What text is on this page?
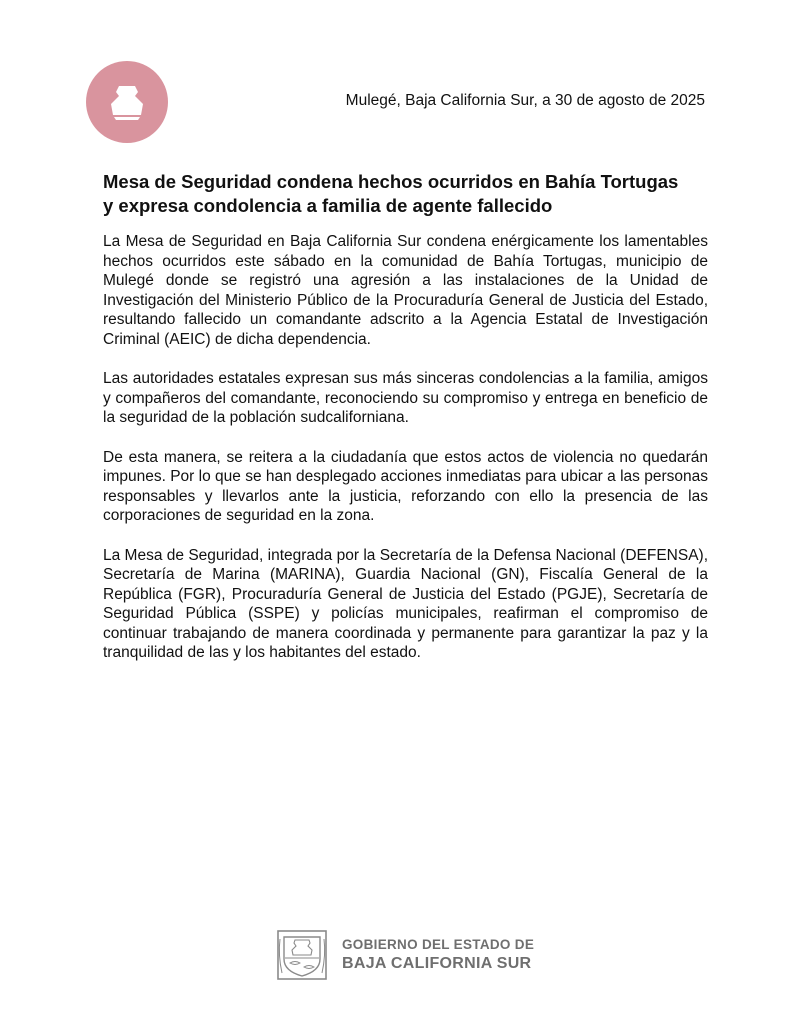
Mulegé, Baja California Sur, a 30 de agosto de 2025
Mesa de Seguridad condena hechos ocurridos en Bahía Tortugas
y expresa condolencia a familia de agente fallecido

La Mesa de Seguridad en Baja California Sur condena enérgicamente los lamentables hechos ocurridos este sábado en la comunidad de Bahía Tortugas, municipio de Mulegé donde se registró una agresión a las instalaciones de la Unidad de Investigación del Ministerio Público de la Procuraduría General de Justicia del Estado, resultando fallecido un comandante adscrito a la Agencia Estatal de Investigación Criminal (AEIC) de dicha dependencia.

Las autoridades estatales expresan sus más sinceras condolencias a la familia, amigos y compañeros del comandante, reconociendo su compromiso y entrega en beneficio de la seguridad de la población sudcaliforniana.

De esta manera, se reitera a la ciudadanía que estos actos de violencia no quedarán impunes. Por lo que se han desplegado acciones inmediatas para ubicar a las personas responsables y llevarlos ante la justicia, reforzando con ello la presencia de las corporaciones de seguridad en la zona.

La Mesa de Seguridad, integrada por la Secretaría de la Defensa Nacional (DEFENSA), Secretaría de Marina (MARINA), Guardia Nacional (GN), Fiscalía General de la República (FGR), Procuraduría General de Justicia del Estado (PGJE), Secretaría de Seguridad Pública (SSPE) y policías municipales, reafirman el compromiso de continuar trabajando de manera coordinada y permanente para garantizar la paz y la tranquilidad de las y los habitantes del estado.

GOBIERNO DEL ESTADO DE
BAJA CALIFORNIA SUR
